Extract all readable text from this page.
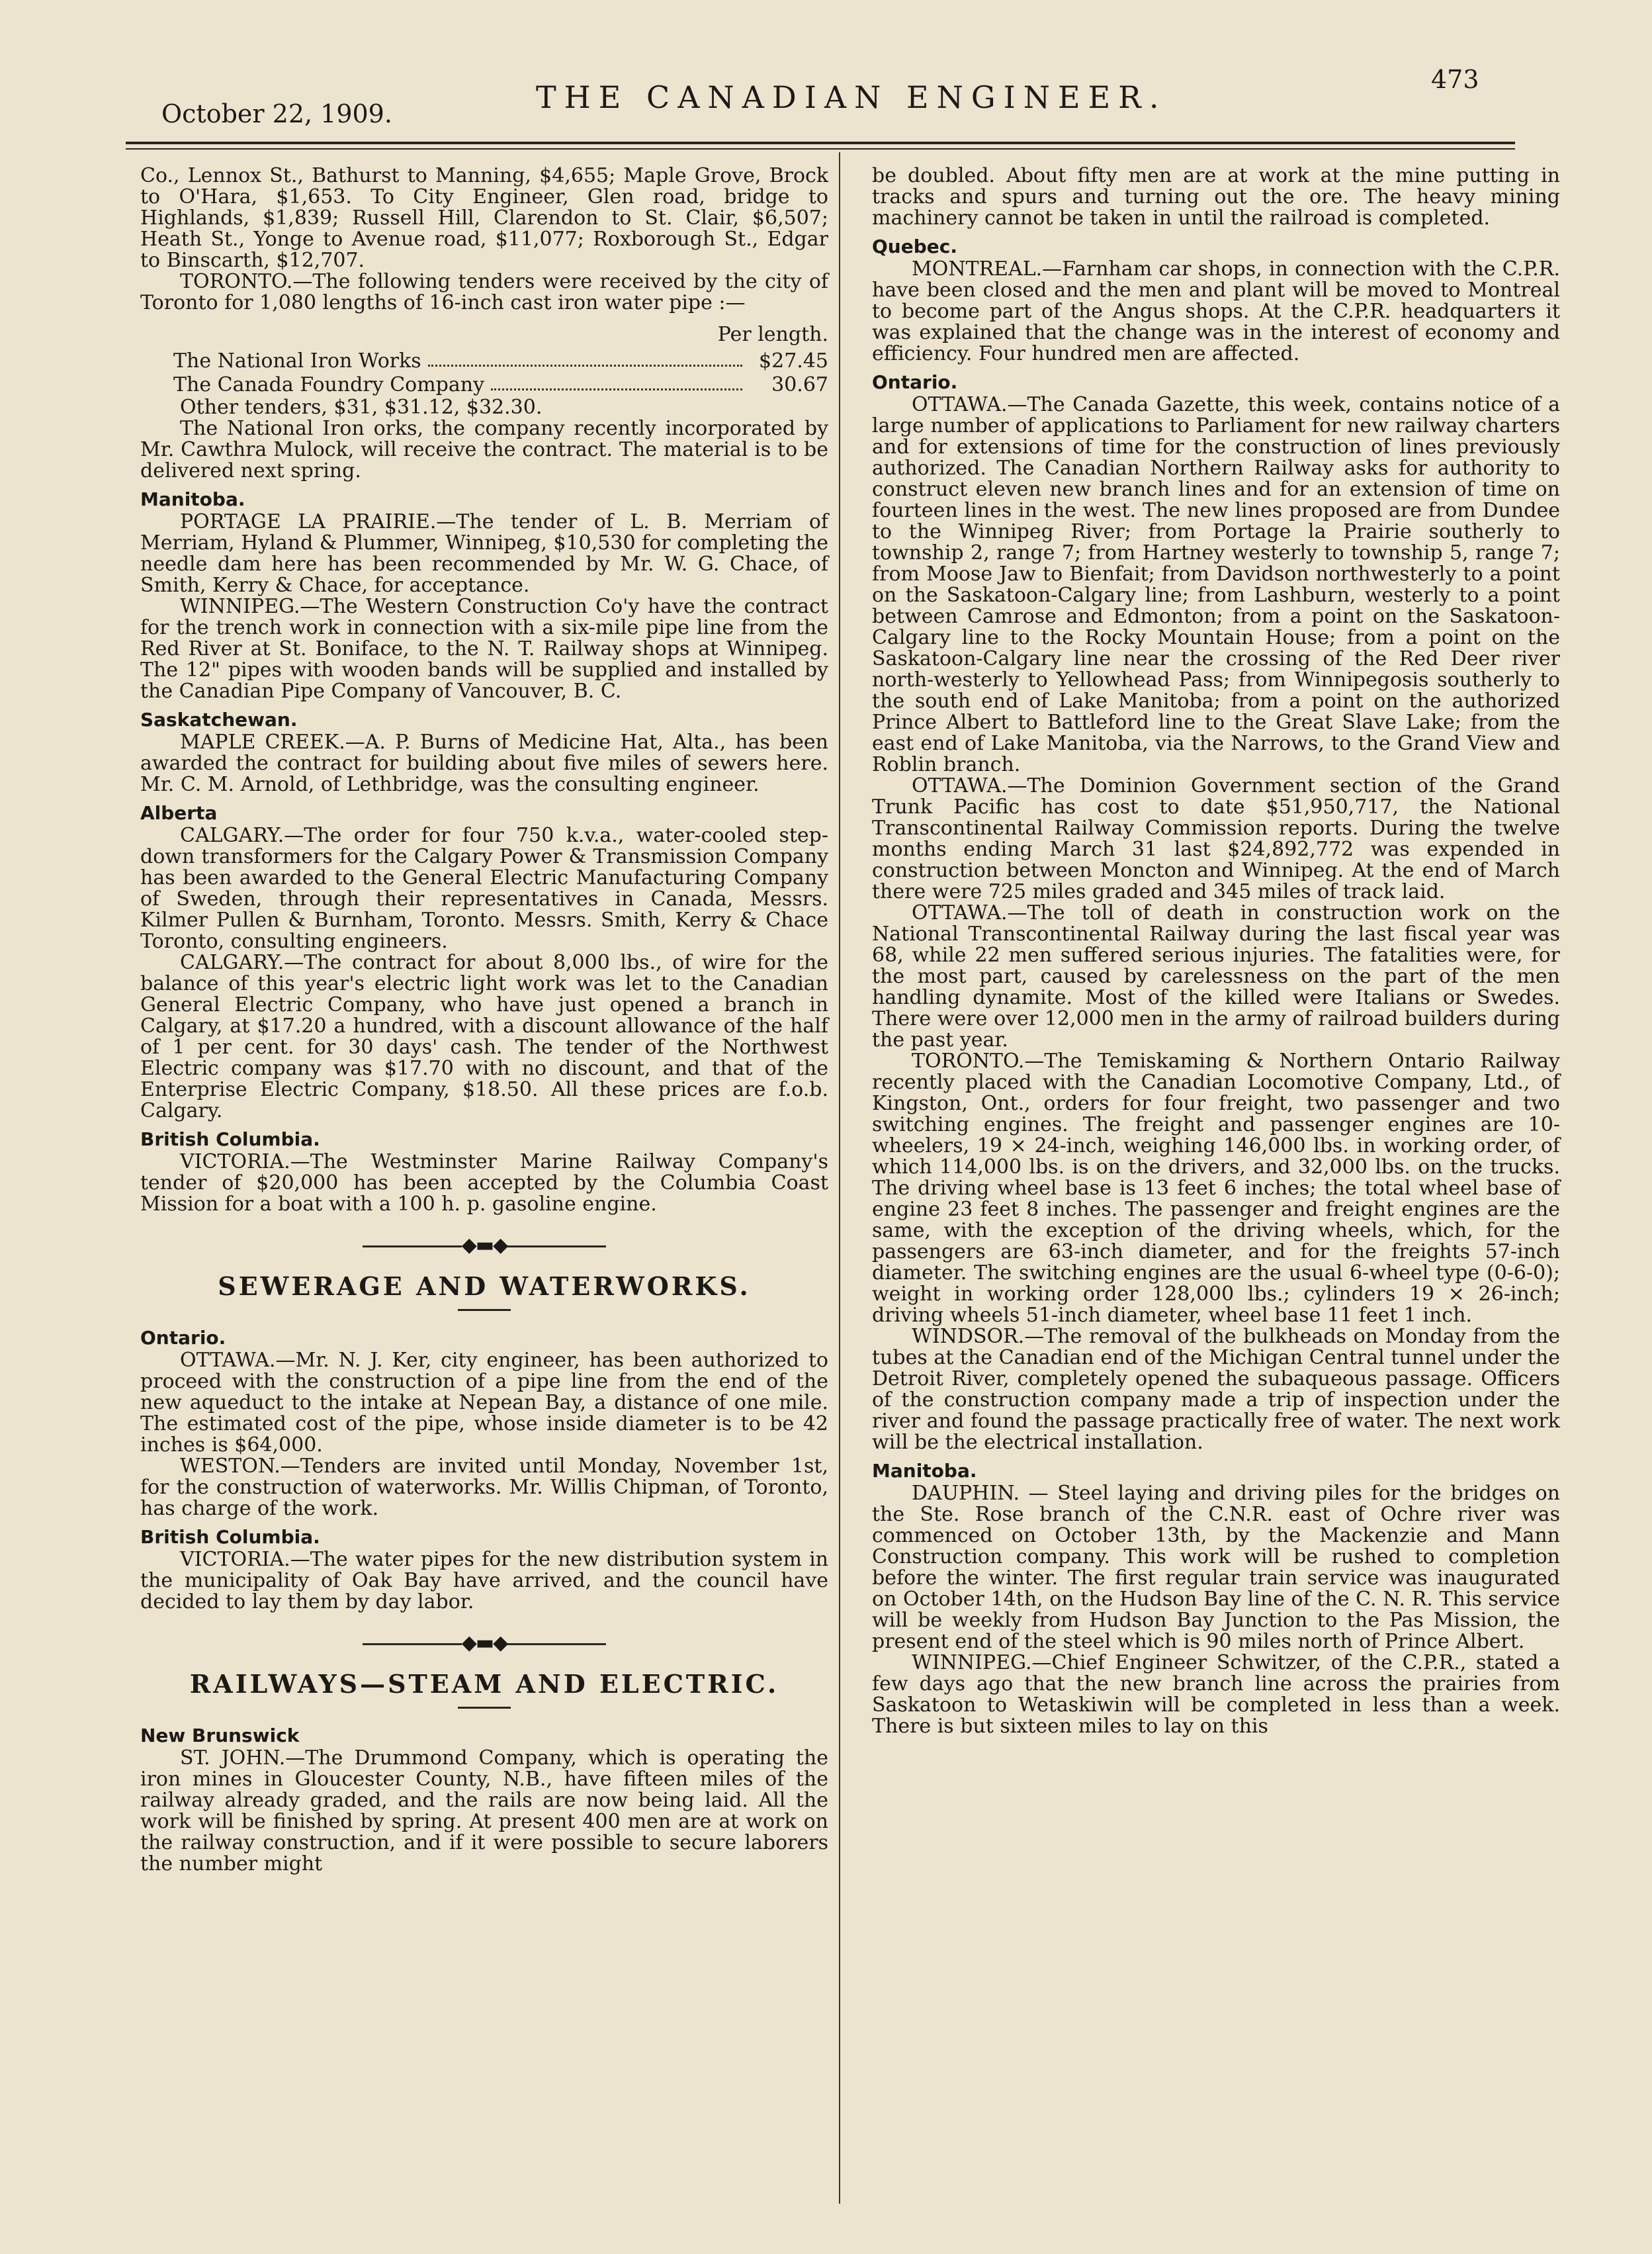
October 22, 1909.	THE CANADIAN ENGINEER.	473

Co., Lennox St., Bathurst to Manning, $4,655; Maple Grove, Brock to O'Hara, $1,653. To City Engineer, Glen road, bridge to Highlands, $1,839; Russell Hill, Clarendon to St. Clair, $6,507; Heath St., Yonge to Avenue road, $11,077; Roxborough St., Edgar to Binscarth, $12,707.

TORONTO.—The following tenders were received by the city of Toronto for 1,080 lengths of 16-inch cast iron water pipe :—

Per length.
The National Iron Works	$27.45
The Canada Foundry Company	30.67

Other tenders, $31, $31.12, $32.30.

The National Iron orks, the company recently incorporated by Mr. Cawthra Mulock, will receive the contract. The material is to be delivered next spring.

Manitoba.

PORTAGE LA PRAIRIE.—The tender of L. B. Merriam of Merriam, Hyland & Plummer, Winnipeg, $10,530 for completing the needle dam here has been recommended by Mr. W. G. Chace, of Smith, Kerry & Chace, for acceptance.

WINNIPEG.—The Western Construction Co'y have the contract for the trench work in connection with a six-mile pipe line from the Red River at St. Boniface, to the N. T. Railway shops at Winnipeg. The 12" pipes with wooden bands will be supplied and installed by the Canadian Pipe Company of Vancouver, B. C.

Saskatchewan.

MAPLE CREEK.—A. P. Burns of Medicine Hat, Alta., has been awarded the contract for building about five miles of sewers here. Mr. C. M. Arnold, of Lethbridge, was the consulting engineer.

Alberta

CALGARY.—The order for four 750 k.v.a., water-cooled step-down transformers for the Calgary Power & Transmission Company has been awarded to the General Electric Manufacturing Company of Sweden, through their representatives in Canada, Messrs. Kilmer Pullen & Burnham, Toronto. Messrs. Smith, Kerry & Chace Toronto, consulting engineers.

CALGARY.—The contract for about 8,000 lbs., of wire for the balance of this year's electric light work was let to the Canadian General Electric Company, who have just opened a branch in Calgary, at $17.20 a hundred, with a discount allowance of the half of 1 per cent. for 30 days' cash. The tender of the Northwest Electric company was $17.70 with no discount, and that of the Enterprise Electric Company, $18.50. All these prices are f.o.b. Calgary.

British Columbia.

VICTORIA.—The Westminster Marine Railway Company's tender of $20,000 has been accepted by the Columbia Coast Mission for a boat with a 100 h. p. gasoline engine.

◆▬◆
SEWERAGE AND WATERWORKS.
Ontario.

OTTAWA.—Mr. N. J. Ker, city engineer, has been authorized to proceed with the construction of a pipe line from the end of the new aqueduct to the intake at Nepean Bay, a distance of one mile. The estimated cost of the pipe, whose inside diameter is to be 42 inches is $64,000.

WESTON.—Tenders are invited until Monday, November 1st, for the construction of waterworks. Mr. Willis Chipman, of Toronto, has charge of the work.

British Columbia.

VICTORIA.—The water pipes for the new distribution system in the municipality of Oak Bay have arrived, and the council have decided to lay them by day labor.

◆▬◆
RAILWAYS—STEAM AND ELECTRIC.
New Brunswick

ST. JOHN.—The Drummond Company, which is operating the iron mines in Gloucester County, N.B., have fifteen miles of the railway already graded, and the rails are now being laid. All the work will be finished by spring. At present 400 men are at work on the railway construction, and if it were possible to secure laborers the number might

be doubled. About fifty men are at work at the mine putting in tracks and spurs and turning out the ore. The heavy mining machinery cannot be taken in until the railroad is completed.

Quebec.

MONTREAL.—Farnham car shops, in connection with the C.P.R. have been closed and the men and plant will be moved to Montreal to become part of the Angus shops. At the C.P.R. headquarters it was explained that the change was in the interest of economy and efficiency. Four hundred men are affected.

Ontario.

OTTAWA.—The Canada Gazette, this week, contains notice of a large number of applications to Parliament for new railway charters and for extensions of time for the construction of lines previously authorized. The Canadian Northern Railway asks for authority to construct eleven new branch lines and for an extension of time on fourteen lines in the west. The new lines proposed are from Dundee to the Winnipeg River; from Portage la Prairie southerly to township 2, range 7; from Hartney westerly to township 5, range 7; from Moose Jaw to Bienfait; from Davidson northwesterly to a point on the Saskatoon-Calgary line; from Lashburn, westerly to a point between Camrose and Edmonton; from a point on the Saskatoon-Calgary line to the Rocky Mountain House; from a point on the Saskatoon-Calgary line near the crossing of the Red Deer river north-westerly to Yellowhead Pass; from Winnipegosis southerly to the south end of Lake Manitoba; from a point on the authorized Prince Albert to Battleford line to the Great Slave Lake; from the east end of Lake Manitoba, via the Narrows, to the Grand View and Roblin branch.

OTTAWA.—The Dominion Government section of the Grand Trunk Pacific has cost to date $51,950,717, the National Transcontinental Railway Commission reports. During the twelve months ending March 31 last $24,892,772 was expended in construction between Moncton and Winnipeg. At the end of March there were 725 miles graded and 345 miles of track laid.

OTTAWA.—The toll of death in construction work on the National Transcontinental Railway during the last fiscal year was 68, while 22 men suffered serious injuries. The fatalities were, for the most part, caused by carelessness on the part of the men handling dynamite. Most of the killed were Italians or Swedes. There were over 12,000 men in the army of railroad builders during the past year.

TORONTO.—The Temiskaming & Northern Ontario Railway recently placed with the Canadian Locomotive Company, Ltd., of Kingston, Ont., orders for four freight, two passenger and two switching engines. The freight and passenger engines are 10-wheelers, 19 × 24-inch, weighing 146,000 lbs. in working order, of which 114,000 lbs. is on the drivers, and 32,000 lbs. on the trucks. The driving wheel base is 13 feet 6 inches; the total wheel base of engine 23 feet 8 inches. The passenger and freight engines are the same, with the exception of the driving wheels, which, for the passengers are 63-inch diameter, and for the freights 57-inch diameter. The switching engines are the usual 6-wheel type (0-6-0); weight in working order 128,000 lbs.; cylinders 19 × 26-inch; driving wheels 51-inch diameter, wheel base 11 feet 1 inch.

WINDSOR.—The removal of the bulkheads on Monday from the tubes at the Canadian end of the Michigan Central tunnel under the Detroit River, completely opened the subaqueous passage. Officers of the construction company made a trip of inspection under the river and found the passage practically free of water. The next work will be the electrical installation.

Manitoba.

DAUPHIN. — Steel laying and driving piles for the bridges on the Ste. Rose branch of the C.N.R. east of Ochre river was commenced on October 13th, by the Mackenzie and Mann Construction company. This work will be rushed to completion before the winter. The first regular train service was inaugurated on October 14th, on the Hudson Bay line of the C. N. R. This service will be weekly from Hudson Bay Junction to the Pas Mission, the present end of the steel which is 90 miles north of Prince Albert.

WINNIPEG.—Chief Engineer Schwitzer, of the C.P.R., stated a few days ago that the new branch line across the prairies from Saskatoon to Wetaskiwin will be completed in less than a week. There is but sixteen miles to lay on this
